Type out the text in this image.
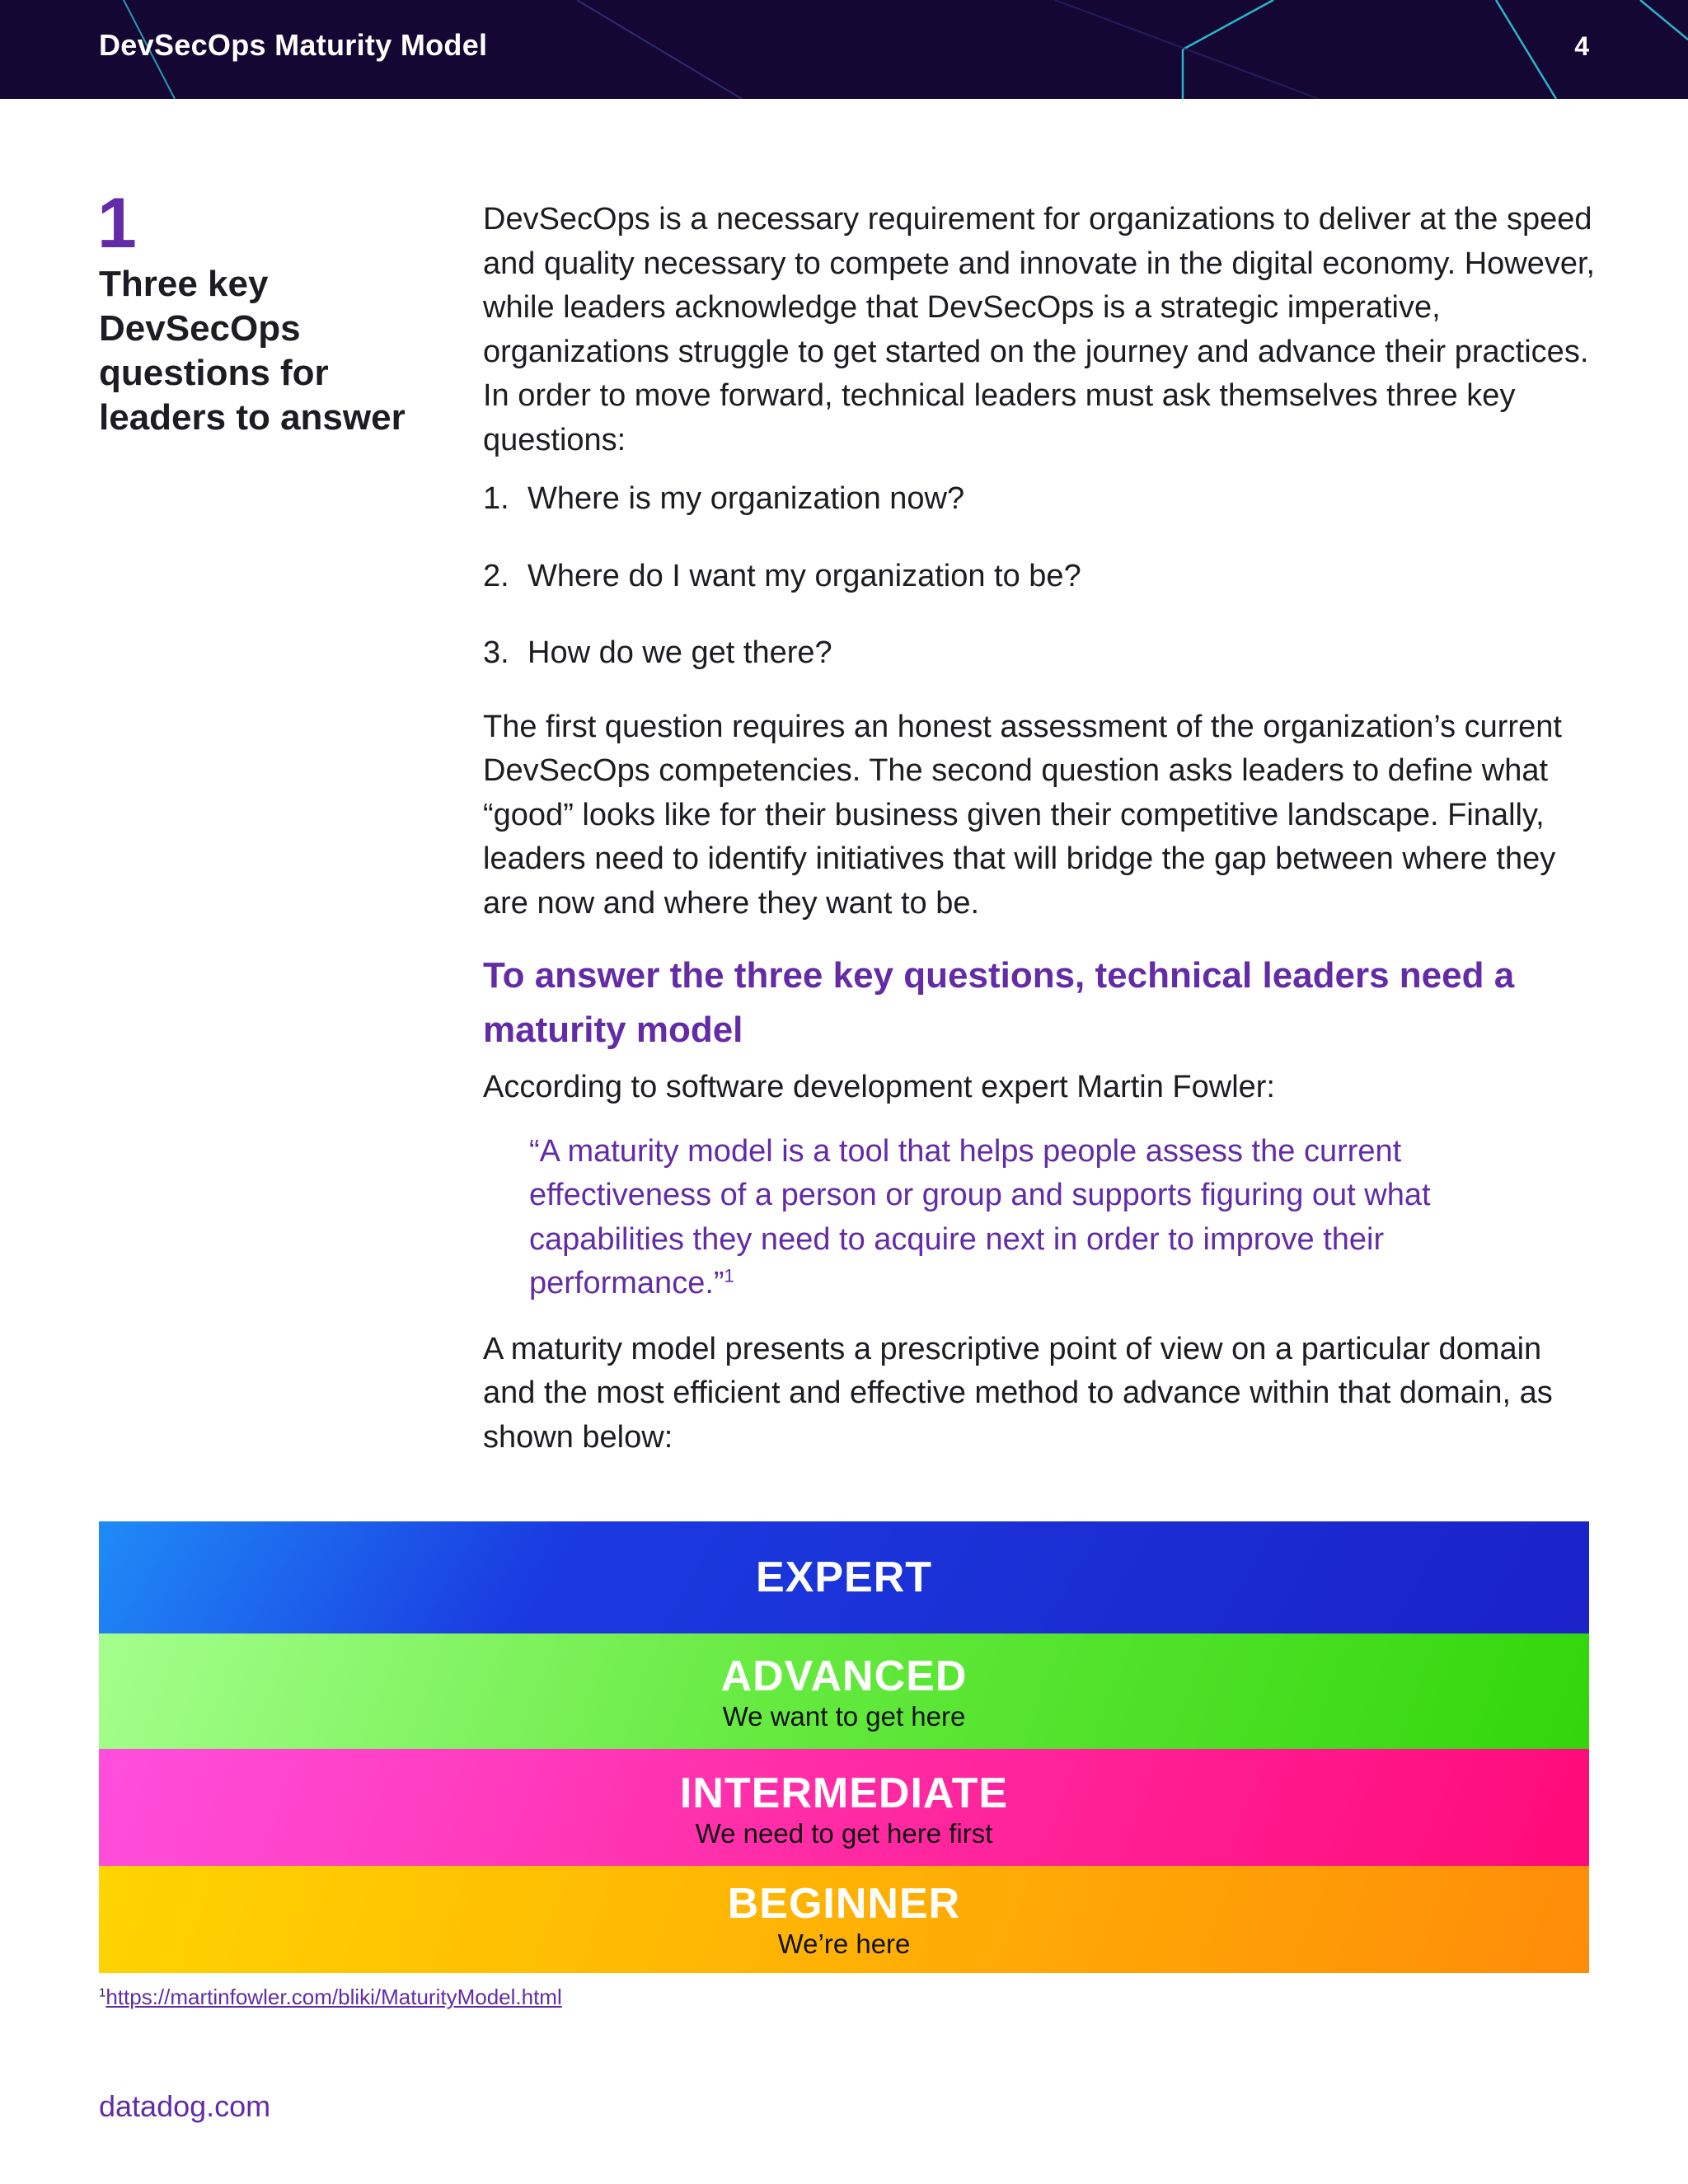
DevSecOps Maturity Model	4
1
Three key DevSecOps questions for leaders to answer

DevSecOps is a necessary requirement for organizations to deliver at the speed and quality necessary to compete and innovate in the digital economy. However, while leaders acknowledge that DevSecOps is a strategic imperative, organizations struggle to get started on the journey and advance their practices. In order to move forward, technical leaders must ask themselves three key questions:

1. Where is my organization now?
2. Where do I want my organization to be?
3. How do we get there?

The first question requires an honest assessment of the organization’s current DevSecOps competencies. The second question asks leaders to define what “good” looks like for their business given their competitive landscape. Finally, leaders need to identify initiatives that will bridge the gap between where they are now and where they want to be.

To answer the three key questions, technical leaders need a maturity model

According to software development expert Martin Fowler:

“A maturity model is a tool that helps people assess the current effectiveness of a person or group and supports figuring out what capabilities they need to acquire next in order to improve their performance.”$^1$

A maturity model presents a prescriptive point of view on a particular domain and the most efficient and effective method to advance within that domain, as shown below:

EXPERT
ADVANCED
We want to get here
INTERMEDIATE
We need to get here first
BEGINNER
We’re here
$^1$https://martinfowler.com/bliki/MaturityModel.html
datadog.com
